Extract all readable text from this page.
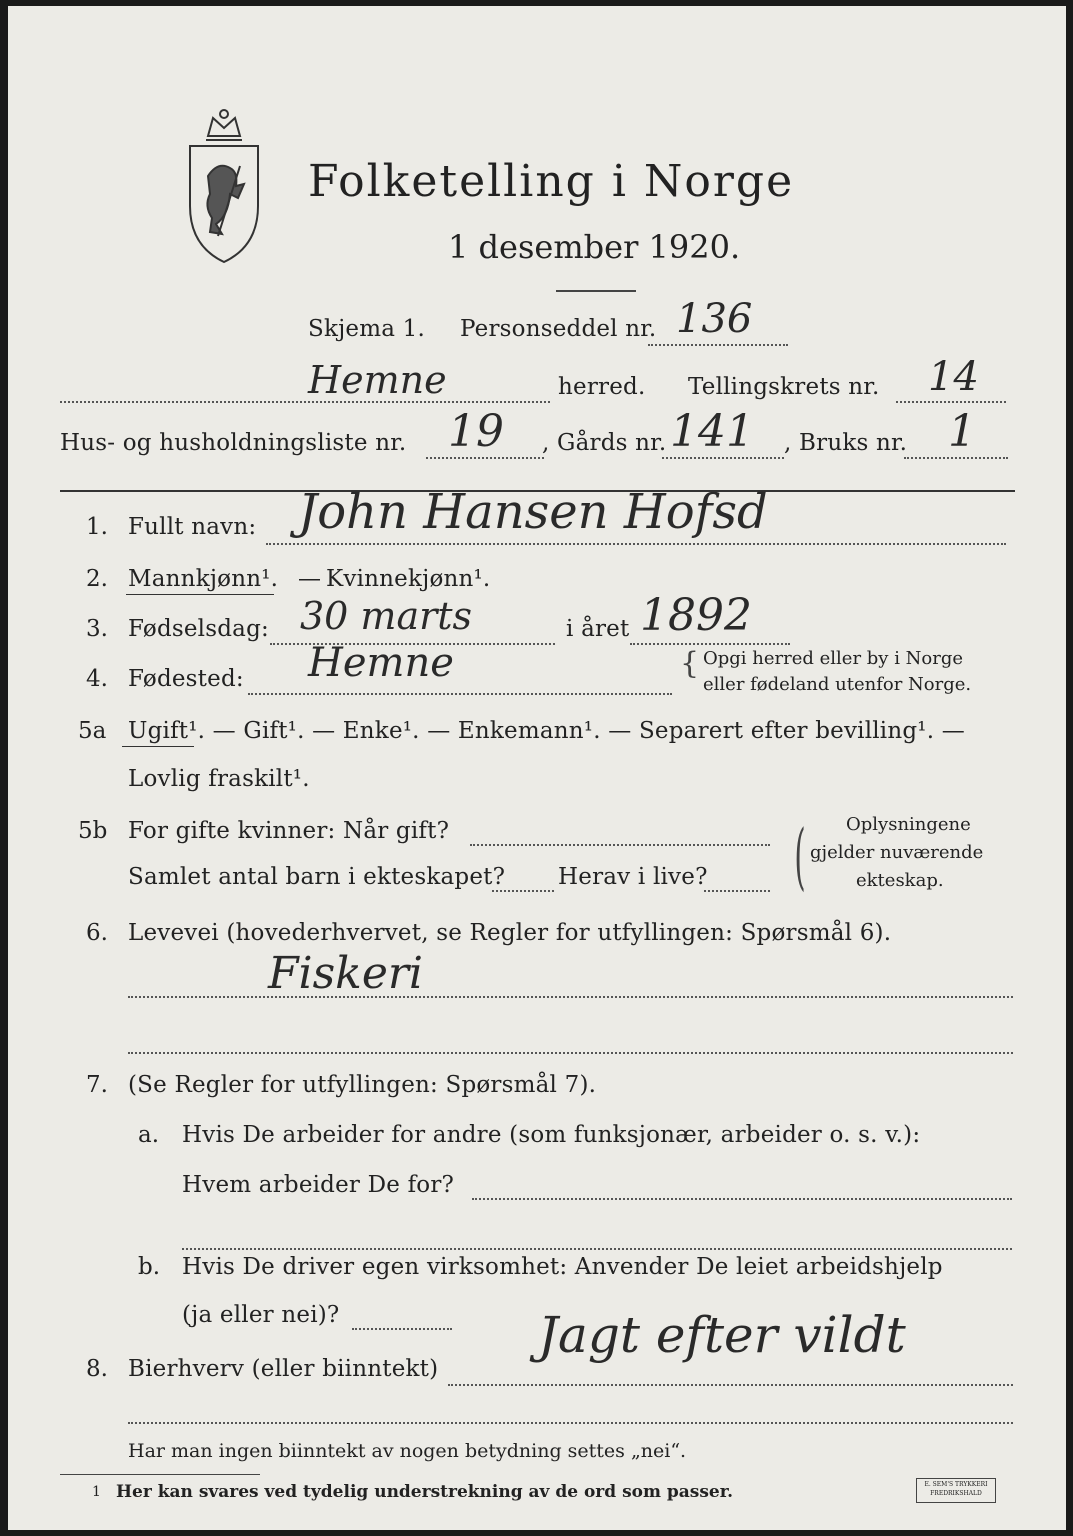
Folketelling i Norge
1 desember 1920.
Skjema 1. Personseddel nr. 136
Hemne	herred. Tellingskrets nr. 14
Hus- og husholdningsliste nr. 19 , Gårds nr. 141 , Bruks nr. 1
1. Fullt navn: John Hansen Hofsd
2. Mannkjønn¹. — Kvinnekjønn¹.
3. Fødselsdag: 30 marts	i året 1892
4. Fødested: Hemne	{ Opgi herred eller by i Norge
eller fødeland utenfor Norge.
5a Ugift¹. — Gift¹. — Enke¹. — Enkemann¹. — Separert efter bevilling¹. —
Lovlig fraskilt¹.
5b For gifte kvinner: Når gift?
Samlet antal barn i ekteskapet? Herav i live? ( Oplysningene
gjelder nuværende
ekteskap.
6. Levevei (hovederhvervet, se Regler for utfyllingen: Spørsmål 6).
Fiskeri
7. (Se Regler for utfyllingen: Spørsmål 7).
a. Hvis De arbeider for andre (som funksjonær, arbeider o. s. v.):
Hvem arbeider De for?
b. Hvis De driver egen virksomhet: Anvender De leiet arbeidshjelp
(ja eller nei)?
8. Bierhverv (eller biinntekt)
Jagt efter vildt
Har man ingen biinntekt av nogen betydning settes „nei“.
1 Her kan svares ved tydelig understrekning av de ord som passer.	E. SEM'S TRYKKERI
FREDRIKSHALD
